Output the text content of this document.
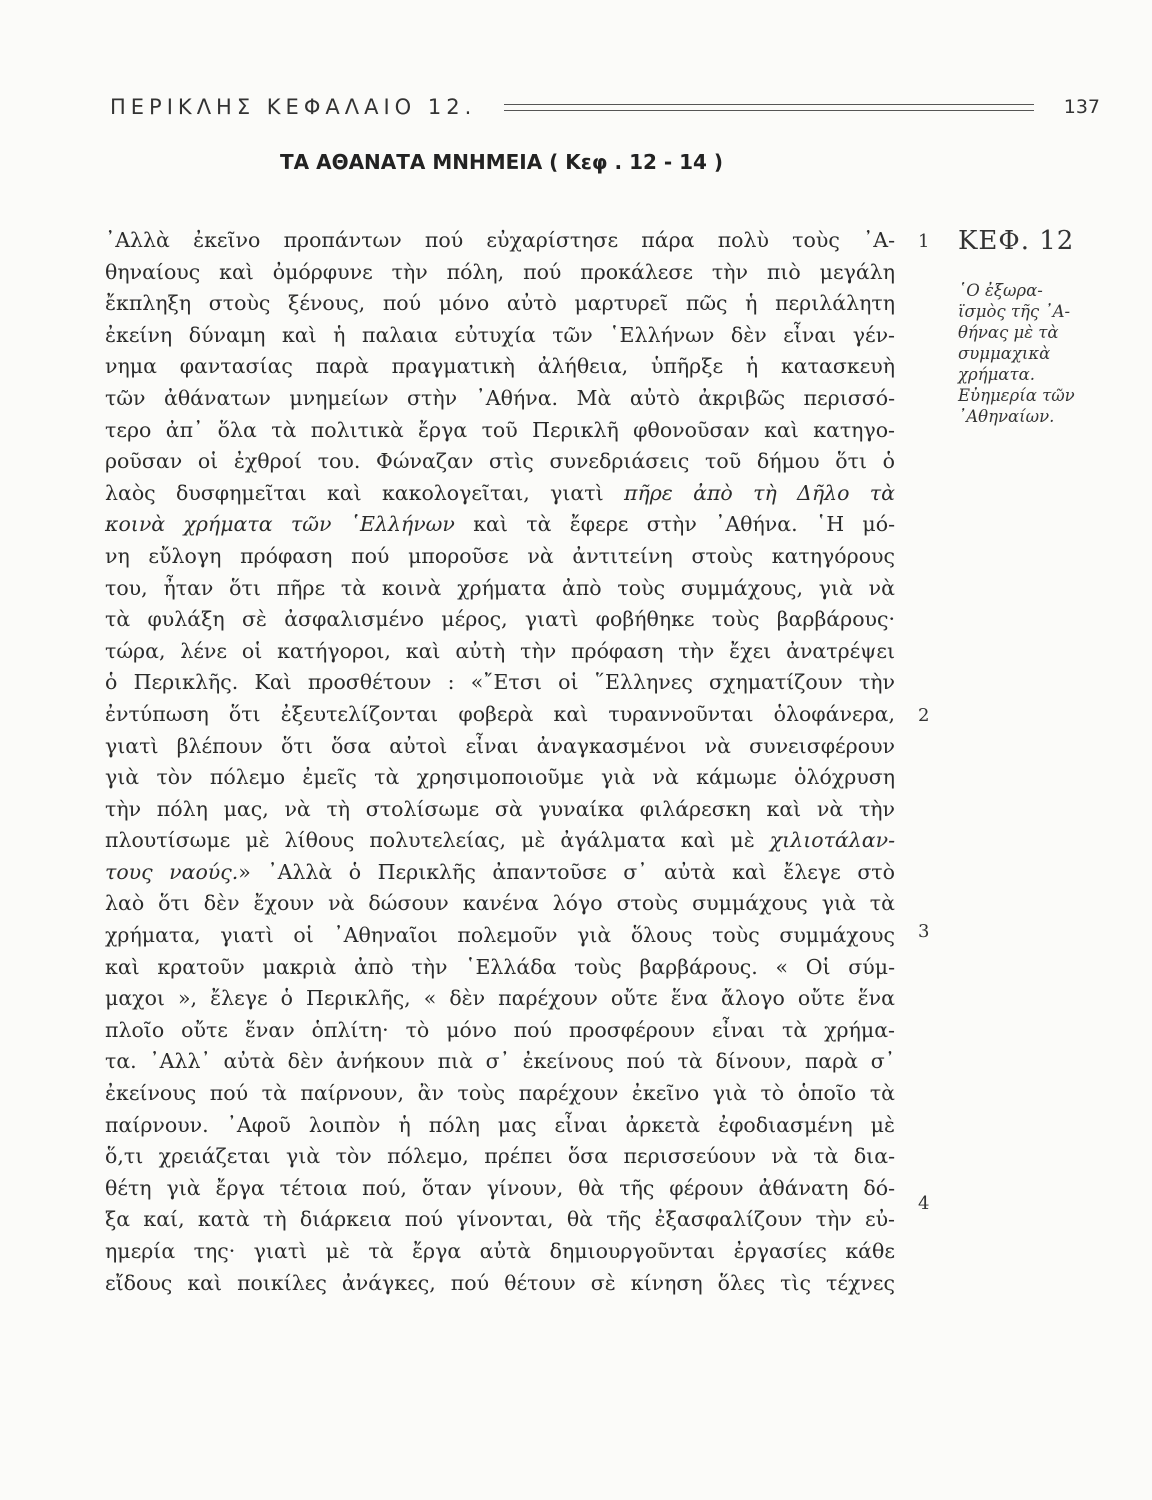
ΠΕΡΙΚΛΗΣ ΚΕΦΑΛΑΙΟ 12.	137
ΤΑ ΑΘΑΝΑΤΑ ΜΝΗΜΕΙΑ ( Κεφ . 12 - 14 )
᾿Αλλὰ ἐκεῖνο προπάντων πού εὐχαρίστησε πάρα πολὺ τοὺς ᾿Α-
θηναίους καὶ ὀμόρφυνε τὴν πόλη, πού προκάλεσε τὴν πιὸ μεγάλη
ἔκπληξη στοὺς ξένους, πού μόνο αὐτὸ μαρτυρεῖ πῶς ἡ περιλάλητη
ἐκείνη δύναμη καὶ ἡ παλαια εὐτυχία τῶν ῾Ελλήνων δὲν εἶναι γέν-
νημα φαντασίας παρὰ πραγματικὴ ἀλήθεια, ὑπῆρξε ἡ κατασκευὴ
τῶν ἀθάνατων μνημείων στὴν ᾿Αθήνα. Μὰ αὐτὸ ἀκριβῶς περισσό-
τερο ἀπ᾿ ὅλα τὰ πολιτικὰ ἔργα τοῦ Περικλῆ φθονοῦσαν καὶ κατηγο-
ροῦσαν οἱ ἐχθροί του. Φώναζαν στὶς συνεδριάσεις τοῦ δήμου ὅτι ὁ
λαὸς δυσφημεῖται καὶ κακολογεῖται, γιατὶ πῆρε ἀπὸ τὴ Δῆλο τὰ
κοινὰ χρήματα τῶν ῾Ελλήνων καὶ τὰ ἔφερε στὴν ᾿Αθήνα. ῾Η μό-
νη εὔλογη πρόφαση πού μποροῦσε νὰ ἀντιτείνη στοὺς κατηγόρους
του, ἦταν ὅτι πῆρε τὰ κοινὰ χρήματα ἀπὸ τοὺς συμμάχους, γιὰ νὰ
τὰ φυλάξη σὲ ἀσφαλισμένο μέρος, γιατὶ φοβήθηκε τοὺς βαρβάρους·
τώρα, λένε οἱ κατήγοροι, καὶ αὐτὴ τὴν πρόφαση τὴν ἔχει ἀνατρέψει
ὁ Περικλῆς. Καὶ προσθέτουν : «῎Ετσι οἱ ῞Ελληνες σχηματίζουν τὴν
ἐντύπωση ὅτι ἐξευτελίζονται φοβερὰ καὶ τυραννοῦνται ὁλοφάνερα,
γιατὶ βλέπουν ὅτι ὅσα αὐτοὶ εἶναι ἀναγκασμένοι νὰ συνεισφέρουν
γιὰ τὸν πόλεμο ἐμεῖς τὰ χρησιμοποιοῦμε γιὰ νὰ κάμωμε ὁλόχρυση
τὴν πόλη μας, νὰ τὴ στολίσωμε σὰ γυναίκα φιλάρεσκη καὶ νὰ τὴν
πλουτίσωμε μὲ λίθους πολυτελείας, μὲ ἀγάλματα καὶ μὲ χιλιοτάλαν-
τους ναούς.» ᾿Αλλὰ ὁ Περικλῆς ἀπαντοῦσε σ᾿ αὐτὰ καὶ ἔλεγε στὸ
λαὸ ὅτι δὲν ἔχουν νὰ δώσουν κανένα λόγο στοὺς συμμάχους γιὰ τὰ
χρήματα, γιατὶ οἱ ᾿Αθηναῖοι πολεμοῦν γιὰ ὅλους τοὺς συμμάχους
καὶ κρατοῦν μακριὰ ἀπὸ τὴν ῾Ελλάδα τοὺς βαρβάρους. « Οἱ σύμ-
μαχοι », ἔλεγε ὁ Περικλῆς, « δὲν παρέχουν οὔτε ἕνα ἄλογο οὔτε ἕνα
πλοῖο οὔτε ἕναν ὁπλίτη· τὸ μόνο πού προσφέρουν εἶναι τὰ χρήμα-
τα. ᾿Αλλ᾿ αὐτὰ δὲν ἀνήκουν πιὰ σ᾿ ἐκείνους πού τὰ δίνουν, παρὰ σ᾿
ἐκείνους πού τὰ παίρνουν, ἂν τοὺς παρέχουν ἐκεῖνο γιὰ τὸ ὁποῖο τὰ
παίρνουν. ᾿Αφοῦ λοιπὸν ἡ πόλη μας εἶναι ἀρκετὰ ἐφοδιασμένη μὲ
ὅ,τι χρειάζεται γιὰ τὸν πόλεμο, πρέπει ὅσα περισσεύουν νὰ τὰ δια-
θέτη γιὰ ἔργα τέτοια πού, ὅταν γίνουν, θὰ τῆς φέρουν ἀθάνατη δό-
ξα καί, κατὰ τὴ διάρκεια πού γίνονται, θὰ τῆς ἐξασφαλίζουν τὴν εὐ-
ημερία της· γιατὶ μὲ τὰ ἔργα αὐτὰ δημιουργοῦνται ἐργασίες κάθε
εἴδους καὶ ποικίλες ἀνάγκες, πού θέτουν σὲ κίνηση ὅλες τὶς τέχνες
1
2
3
4
ΚΕΦ. 12
῾Ο ἐξωρα-
ϊσμὸς τῆς ᾿Α-
θήνας μὲ τὰ
συμμαχικὰ
χρήματα.
Εὐημερία τῶν
᾿Αθηναίων.
